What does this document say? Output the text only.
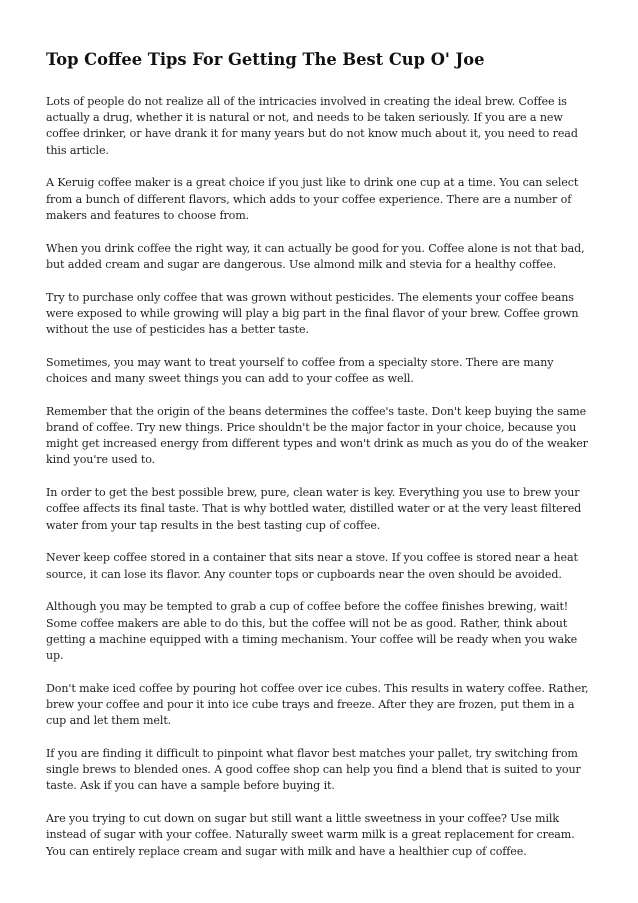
Top Coffee Tips For Getting The Best Cup O' Joe

Lots of people do not realize all of the intricacies involved in creating the ideal brew. Coffee is actually a drug, whether it is natural or not, and needs to be taken seriously. If you are a new coffee drinker, or have drank it for many years but do not know much about it, you need to read this article.

A Keruig coffee maker is a great choice if you just like to drink one cup at a time. You can select from a bunch of different flavors, which adds to your coffee experience. There are a number of makers and features to choose from.

When you drink coffee the right way, it can actually be good for you. Coffee alone is not that bad, but added cream and sugar are dangerous. Use almond milk and stevia for a healthy coffee.

Try to purchase only coffee that was grown without pesticides. The elements your coffee beans were exposed to while growing will play a big part in the final flavor of your brew. Coffee grown without the use of pesticides has a better taste.

Sometimes, you may want to treat yourself to coffee from a specialty store. There are many choices and many sweet things you can add to your coffee as well.

Remember that the origin of the beans determines the coffee's taste. Don't keep buying the same brand of coffee. Try new things. Price shouldn't be the major factor in your choice, because you might get increased energy from different types and won't drink as much as you do of the weaker kind you're used to.

In order to get the best possible brew, pure, clean water is key. Everything you use to brew your coffee affects its final taste. That is why bottled water, distilled water or at the very least filtered water from your tap results in the best tasting cup of coffee.

Never keep coffee stored in a container that sits near a stove. If you coffee is stored near a heat source, it can lose its flavor. Any counter tops or cupboards near the oven should be avoided.

Although you may be tempted to grab a cup of coffee before the coffee finishes brewing, wait! Some coffee makers are able to do this, but the coffee will not be as good. Rather, think about getting a machine equipped with a timing mechanism. Your coffee will be ready when you wake up.

Don't make iced coffee by pouring hot coffee over ice cubes. This results in watery coffee. Rather, brew your coffee and pour it into ice cube trays and freeze. After they are frozen, put them in a cup and let them melt.

If you are finding it difficult to pinpoint what flavor best matches your pallet, try switching from single brews to blended ones. A good coffee shop can help you find a blend that is suited to your taste. Ask if you can have a sample before buying it.

Are you trying to cut down on sugar but still want a little sweetness in your coffee? Use milk instead of sugar with your coffee. Naturally sweet warm milk is a great replacement for cream. You can entirely replace cream and sugar with milk and have a healthier cup of coffee.
